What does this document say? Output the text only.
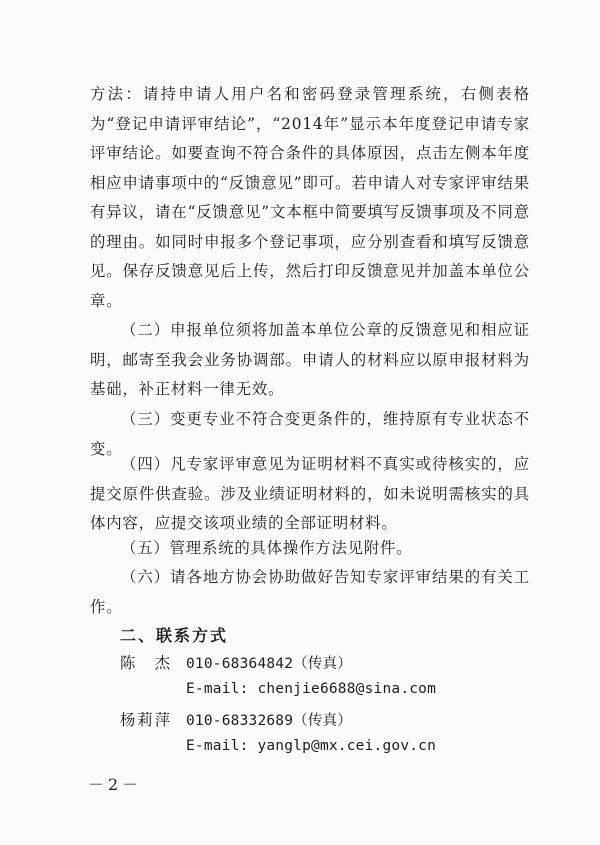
方法：请持申请人用户名和密码登录管理系统，右侧表格为“登记申请评审结论”，“2014年”显示本年度登记申请专家评审结论。如要查询不符合条件的具体原因，点击左侧本年度相应申请事项中的“反馈意见”即可。若申请人对专家评审结果有异议，请在“反馈意见”文本框中简要填写反馈事项及不同意的理由。如同时申报多个登记事项，应分别查看和填写反馈意见。保存反馈意见后上传，然后打印反馈意见并加盖本单位公章。
（二）申报单位须将加盖本单位公章的反馈意见和相应证明，邮寄至我会业务协调部。申请人的材料应以原申报材料为基础，补正材料一律无效。
（三）变更专业不符合变更条件的，维持原有专业状态不变。
（四）凡专家评审意见为证明材料不真实或待核实的，应提交原件供查验。涉及业绩证明材料的，如未说明需核实的具体内容，应提交该项业绩的全部证明材料。
（五）管理系统的具体操作方法见附件。
（六）请各地方协会协助做好告知专家评审结果的有关工作。
二、联系方式
陈　杰 010-68364842（传真）
E-mail: chenjie6688@sina.com
杨莉萍 010-68332689（传真）
E-mail: yanglp@mx.cei.gov.cn
－2－
